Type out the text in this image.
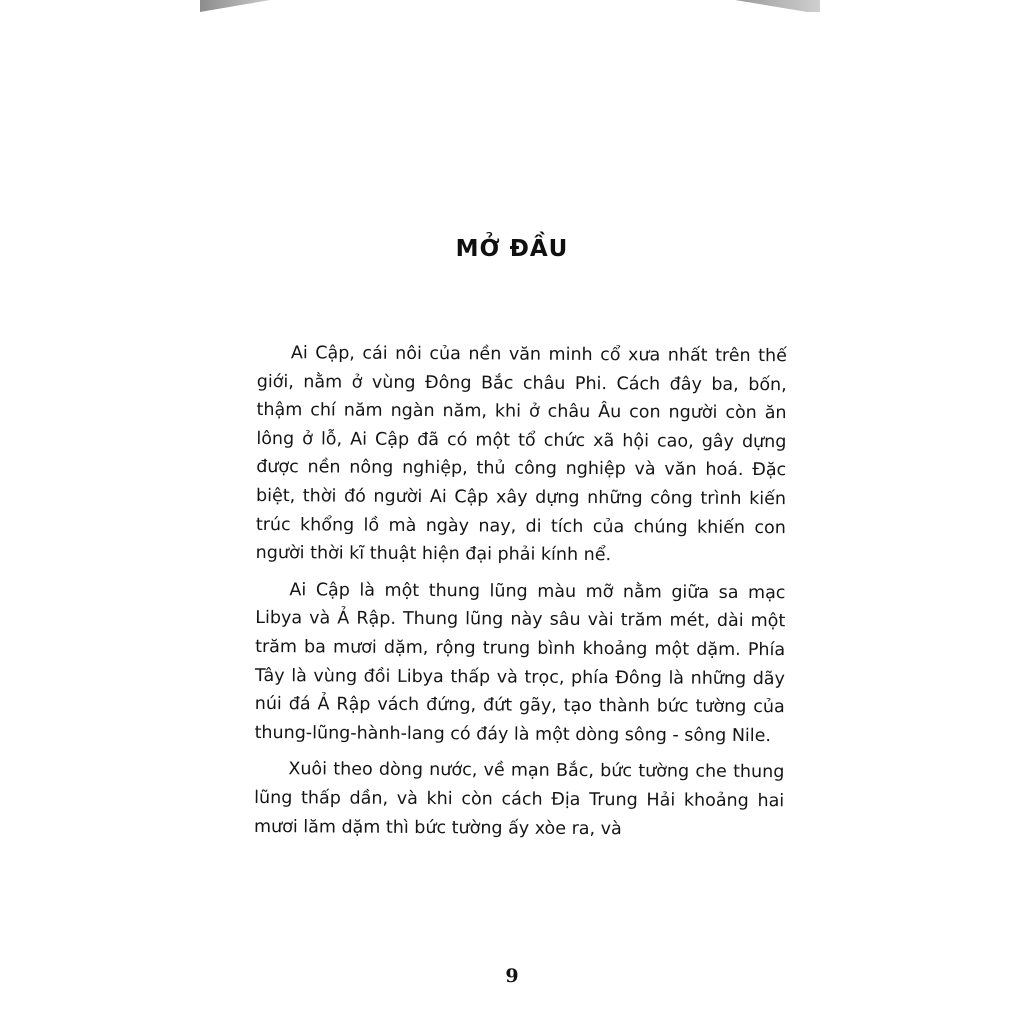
MỞ ĐẦU

Ai Cập, cái nôi của nền văn minh cổ xưa nhất trên thế giới, nằm ở vùng Đông Bắc châu Phi. Cách đây ba, bốn, thậm chí năm ngàn năm, khi ở châu Âu con người còn ăn lông ở lỗ, Ai Cập đã có một tổ chức xã hội cao, gây dựng được nền nông nghiệp, thủ công nghiệp và văn hoá. Đặc biệt, thời đó người Ai Cập xây dựng những công trình kiến trúc khổng lồ mà ngày nay, di tích của chúng khiến con người thời kĩ thuật hiện đại phải kính nể.

Ai Cập là một thung lũng màu mỡ nằm giữa sa mạc Libya và Ả Rập. Thung lũng này sâu vài trăm mét, dài một trăm ba mươi dặm, rộng trung bình khoảng một dặm. Phía Tây là vùng đồi Libya thấp và trọc, phía Đông là những dãy núi đá Ả Rập vách đứng, đứt gãy, tạo thành bức tường của thung-lũng-hành-lang có đáy là một dòng sông - sông Nile.

Xuôi theo dòng nước, về mạn Bắc, bức tường che thung lũng thấp dần, và khi còn cách Địa Trung Hải khoảng hai mươi lăm dặm thì bức tường ấy xòe ra, và

9
